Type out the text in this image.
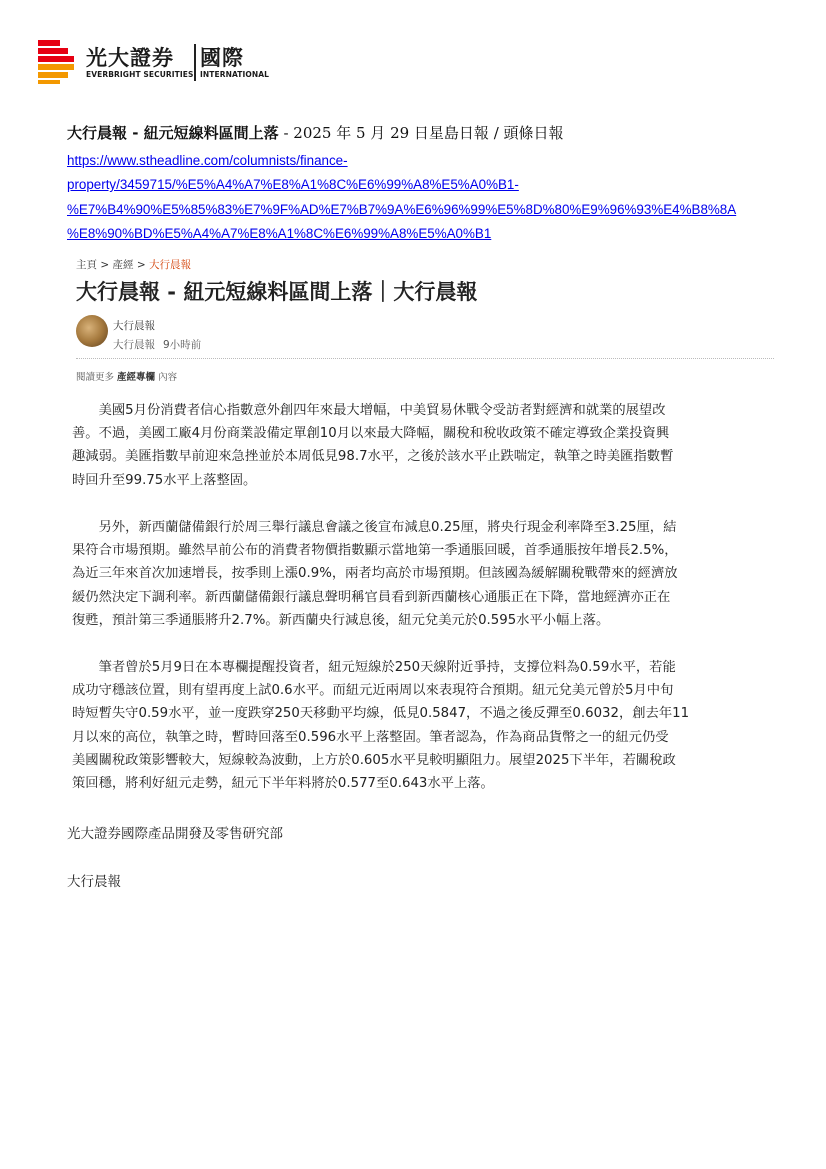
光大證券 國際
EVERBRIGHT SECURITIES INTERNATIONAL
大行晨報 - 紐元短線料區間上落 - 2025 年 5 月 29 日星島日報 / 頭條日報
https://www.stheadline.com/columnists/finance-
property/3459715/%E5%A4%A7%E8%A1%8C%E6%99%A8%E5%A0%B1-
%E7%B4%90%E5%85%83%E7%9F%AD%E7%B7%9A%E6%96%99%E5%8D%80%E9%96%93%E4%B8%8A
%E8%90%BD%E5%A4%A7%E8%A1%8C%E6%99%A8%E5%A0%B1
主頁 > 產經 > 大行晨報
大行晨報 - 紐元短線料區間上落｜大行晨報
大行晨報
大行晨報 9小時前
閱讀更多 產經專欄 內容
　　美國5月份消費者信心指數意外創四年來最大增幅，中美貿易休戰令受訪者對經濟和就業的展望改
善。不過，美國工廠4月份商業設備定單創10月以來最大降幅，關稅和稅收政策不確定導致企業投資興
趣減弱。美匯指數早前迎來急挫並於本周低見98.7水平，之後於該水平止跌喘定，執筆之時美匯指數暫
時回升至99.75水平上落整固。
　　另外，新西蘭儲備銀行於周三舉行議息會議之後宣布減息0.25厘，將央行現金利率降至3.25厘，結
果符合市場預期。雖然早前公布的消費者物價指數顯示當地第一季通脹回暖，首季通脹按年增長2.5%，
為近三年來首次加速增長，按季則上漲0.9%，兩者均高於市場預期。但該國為緩解關稅戰帶來的經濟放
緩仍然決定下調利率。新西蘭儲備銀行議息聲明稱官員看到新西蘭核心通脹正在下降，當地經濟亦正在
復甦，預計第三季通脹將升2.7%。新西蘭央行減息後，紐元兌美元於0.595水平小幅上落。
　　筆者曾於5月9日在本專欄提醒投資者，紐元短線於250天線附近爭持，支撐位料為0.59水平，若能
成功守穩該位置，則有望再度上試0.6水平。而紐元近兩周以來表現符合預期。紐元兌美元曾於5月中旬
時短暫失守0.59水平，並一度跌穿250天移動平均線，低見0.5847，不過之後反彈至0.6032，創去年11
月以來的高位，執筆之時，暫時回落至0.596水平上落整固。筆者認為，作為商品貨幣之一的紐元仍受
美國關稅政策影響較大，短線較為波動，上方於0.605水平見較明顯阻力。展望2025下半年，若關稅政
策回穩，將利好紐元走勢，紐元下半年料將於0.577至0.643水平上落。
光大證券國際產品開發及零售研究部
大行晨報
